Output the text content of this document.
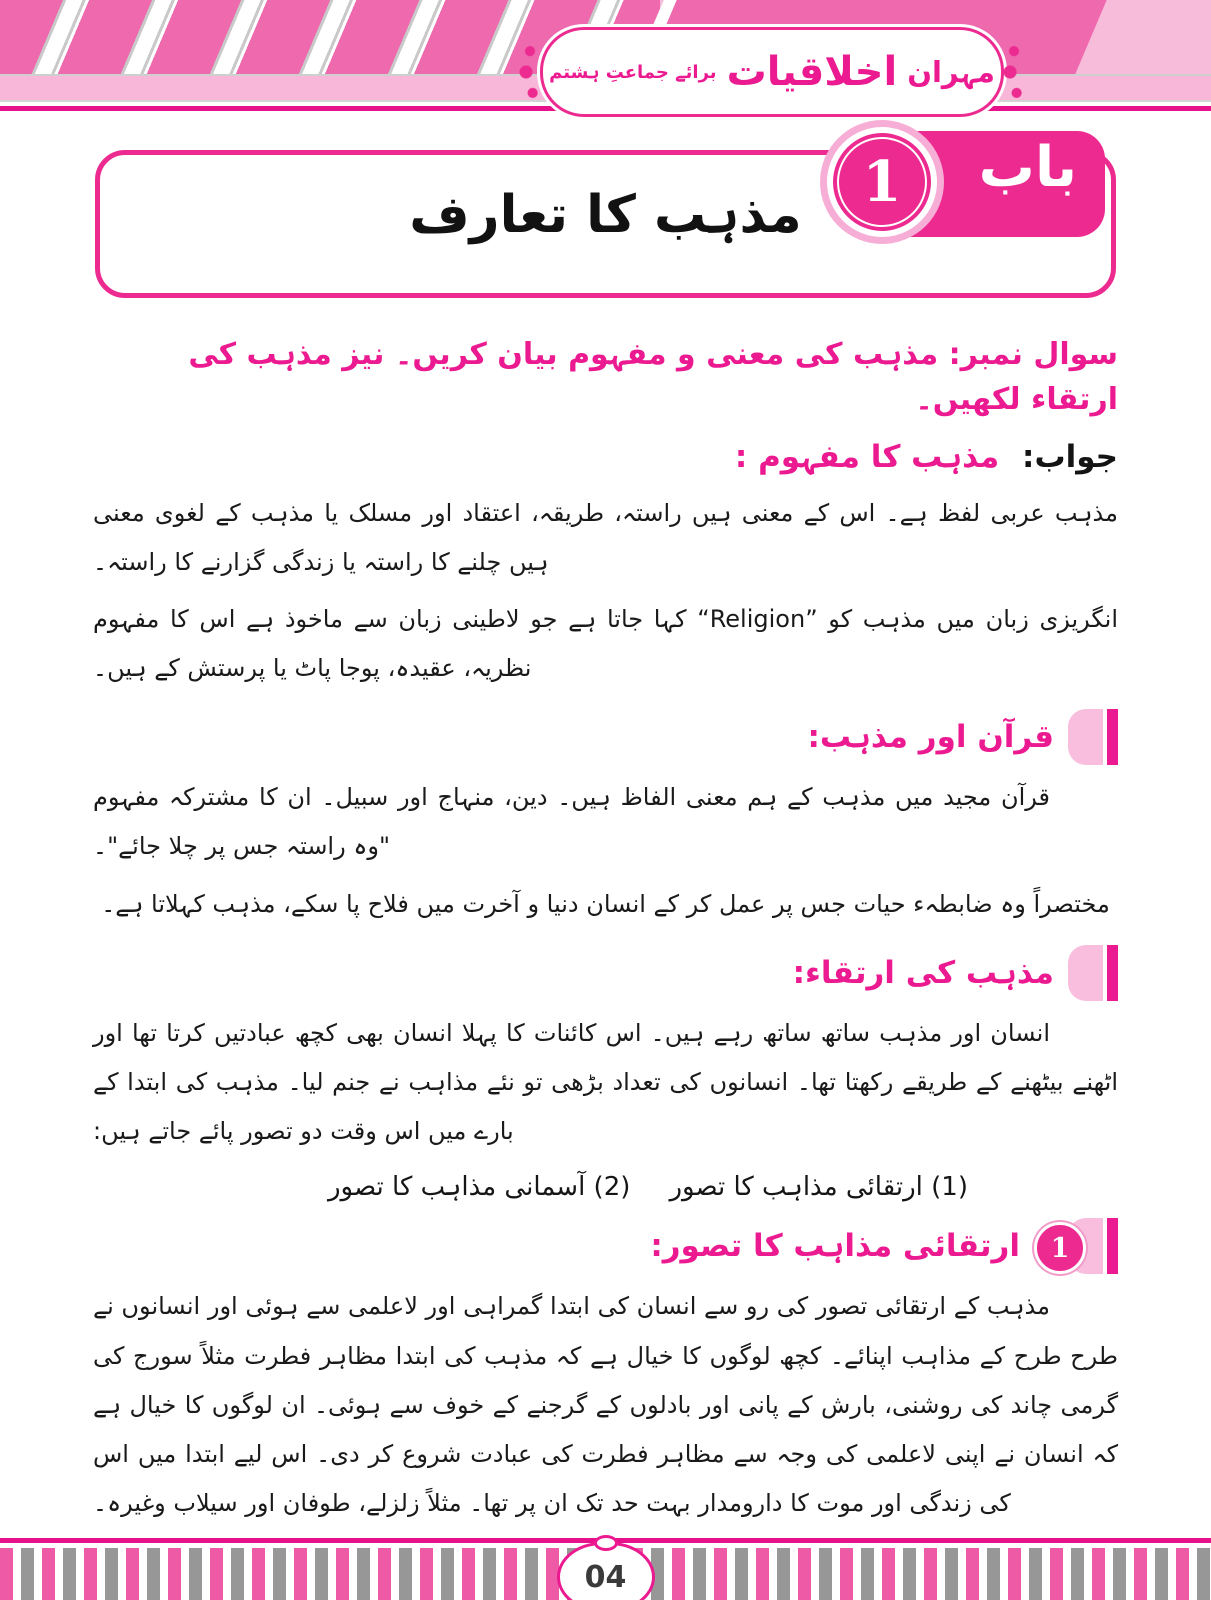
مہران
اخلاقیات
برائے جماعتِ ہشتم
1 باب
مذہب کا تعارف
سوال نمبر: مذہب کی معنی و مفہوم بیان کریں۔ نیز مذہب کی ارتقاء لکھیں۔
جواب: مذہب کا مفہوم :

مذہب عربی لفظ ہے۔ اس کے معنی ہیں راستہ، طریقہ، اعتقاد اور مسلک یا مذہب کے لغوی معنی ہیں چلنے کا راستہ یا زندگی گزارنے کا راستہ۔

انگریزی زبان میں مذہب کو ”Religion“ کہا جاتا ہے جو لاطینی زبان سے ماخوذ ہے اس کا مفہوم نظریہ، عقیدہ، پوجا پاٹ یا پرستش کے ہیں۔

قرآن اور مذہب:

قرآن مجید میں مذہب کے ہم معنی الفاظ ہیں۔ دین، منہاج اور سبیل۔ ان کا مشترکہ مفہوم "وہ راستہ جس پر چلا جائے"۔

مختصراً وہ ضابطہء حیات جس پر عمل کر کے انسان دنیا و آخرت میں فلاح پا سکے، مذہب کہلاتا ہے۔

مذہب کی ارتقاء:

انسان اور مذہب ساتھ ساتھ رہے ہیں۔ اس کائنات کا پہلا انسان بھی کچھ عبادتیں کرتا تھا اور اٹھنے بیٹھنے کے طریقے رکھتا تھا۔ انسانوں کی تعداد بڑھی تو نئے مذاہب نے جنم لیا۔ مذہب کی ابتدا کے بارے میں اس وقت دو تصور پائے جاتے ہیں:

(1) ارتقائی مذاہب کا تصور
(2) آسمانی مذاہب کا تصور
1
ارتقائی مذاہب کا تصور:

مذہب کے ارتقائی تصور کی رو سے انسان کی ابتدا گمراہی اور لاعلمی سے ہوئی اور انسانوں نے طرح طرح کے مذاہب اپنائے۔ کچھ لوگوں کا خیال ہے کہ مذہب کی ابتدا مظاہر فطرت مثلاً سورج کی گرمی چاند کی روشنی، بارش کے پانی اور بادلوں کے گرجنے کے خوف سے ہوئی۔ ان لوگوں کا خیال ہے کہ انسان نے اپنی لاعلمی کی وجہ سے مظاہر فطرت کی عبادت شروع کر دی۔ اس لیے ابتدا میں اس کی زندگی اور موت کا دارومدار بہت حد تک ان پر تھا۔ مثلاً زلزلے، طوفان اور سیلاب وغیرہ۔

04
